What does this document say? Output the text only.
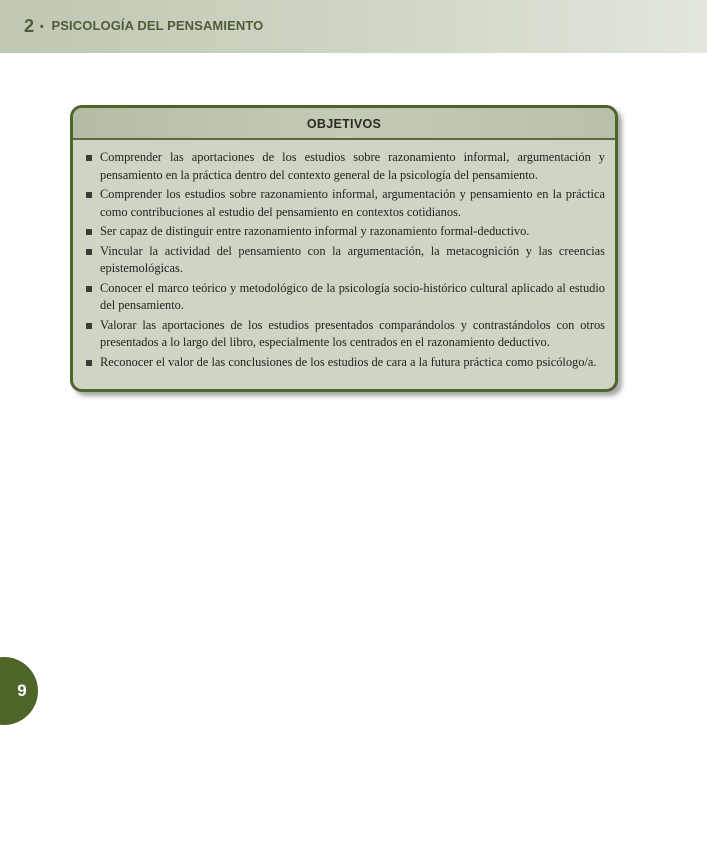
2 • PSICOLOGÍA DEL PENSAMIENTO
OBJETIVOS
Comprender las aportaciones de los estudios sobre razonamiento informal, argumentación y pensamiento en la práctica dentro del contexto general de la psicología del pensamiento.
Comprender los estudios sobre razonamiento informal, argumentación y pensamiento en la práctica como contribuciones al estudio del pensamiento en contextos cotidianos.
Ser capaz de distinguir entre razonamiento informal y razonamiento formal-deductivo.
Vincular la actividad del pensamiento con la argumentación, la metacognición y las creencias epistemológicas.
Conocer el marco teórico y metodológico de la psicología socio-histórico cultural aplicado al estudio del pensamiento.
Valorar las aportaciones de los estudios presentados comparándolos y contrastándolos con otros presentados a lo largo del libro, especialmente los centrados en el razonamiento deductivo.
Reconocer el valor de las conclusiones de los estudios de cara a la futura práctica como psicólogo/a.
9
